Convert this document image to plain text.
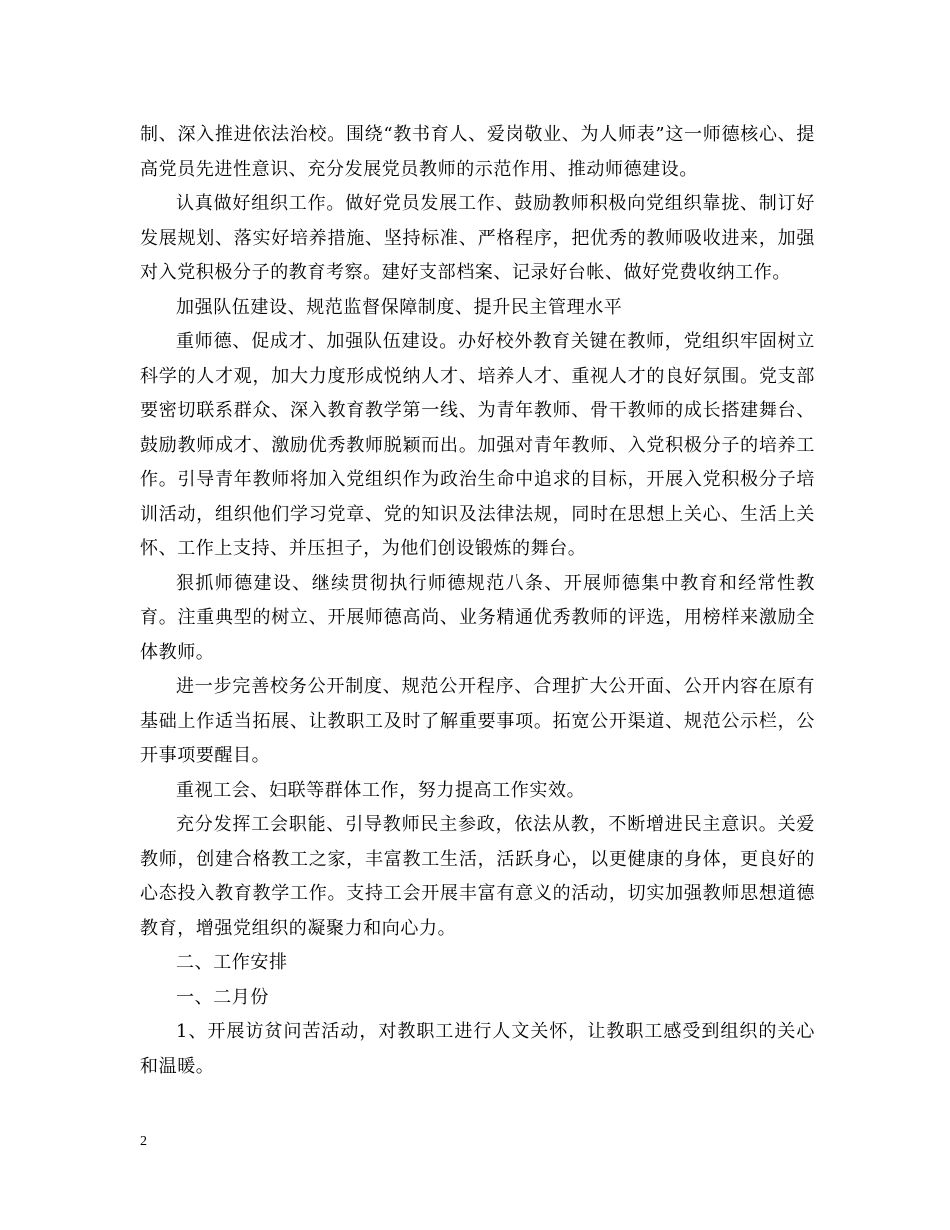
制、深入推进依法治校。围绕“教书育人、爱岗敬业、为人师表”这一师德核心、提高党员先进性意识、充分发展党员教师的示范作用、推动师德建设。

认真做好组织工作。做好党员发展工作、鼓励教师积极向党组织靠拢、制订好发展规划、落实好培养措施、坚持标准、严格程序，把优秀的教师吸收进来，加强对入党积极分子的教育考察。建好支部档案、记录好台帐、做好党费收纳工作。

加强队伍建设、规范监督保障制度、提升民主管理水平

重师德、促成才、加强队伍建设。办好校外教育关键在教师，党组织牢固树立科学的人才观，加大力度形成悦纳人才、培养人才、重视人才的良好氛围。党支部要密切联系群众、深入教育教学第一线、为青年教师、骨干教师的成长搭建舞台、鼓励教师成才、激励优秀教师脱颖而出。加强对青年教师、入党积极分子的培养工作。引导青年教师将加入党组织作为政治生命中追求的目标，开展入党积极分子培训活动，组织他们学习党章、党的知识及法律法规，同时在思想上关心、生活上关怀、工作上支持、并压担子，为他们创设锻炼的舞台。

狠抓师德建设、继续贯彻执行师德规范八条、开展师德集中教育和经常性教育。注重典型的树立、开展师德高尚、业务精通优秀教师的评选，用榜样来激励全体教师。

进一步完善校务公开制度、规范公开程序、合理扩大公开面、公开内容在原有基础上作适当拓展、让教职工及时了解重要事项。拓宽公开渠道、规范公示栏，公开事项要醒目。

重视工会、妇联等群体工作，努力提高工作实效。

充分发挥工会职能、引导教师民主参政，依法从教，不断增进民主意识。关爱教师，创建合格教工之家，丰富教工生活，活跃身心，以更健康的身体，更良好的心态投入教育教学工作。支持工会开展丰富有意义的活动，切实加强教师思想道德教育，增强党组织的凝聚力和向心力。

二、工作安排

一、二月份

1、开展访贫问苦活动，对教职工进行人文关怀，让教职工感受到组织的关心和温暖。

2
